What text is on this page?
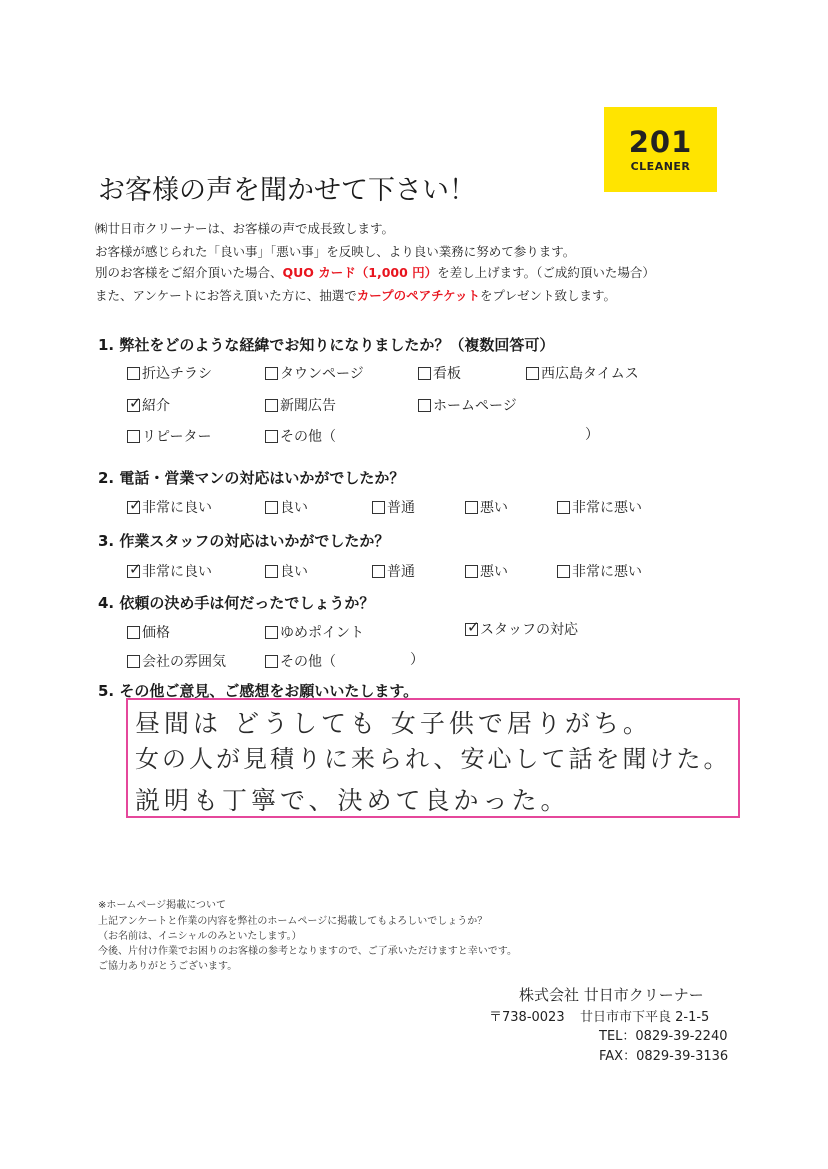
201
CLEANER
お客様の声を聞かせて下さい！
㈱廿日市クリーナーは、お客様の声で成長致します。
お客様が感じられた「良い事」「悪い事」を反映し、より良い業務に努めて参ります。
別のお客様をご紹介頂いた場合、QUO カード（1,000 円）を差し上げます。（ご成約頂いた場合）
また、アンケートにお答え頂いた方に、抽選でカープのペアチケットをプレゼント致します。
1. 弊社をどのような経緯でお知りになりましたか？（複数回答可）
折込チラシ	タウンページ	看板	西広島タイムス
✓ 紹介	新聞広告	ホームページ
リピーター	その他（	）
2. 電話・営業マンの対応はいかがでしたか？
✓ 非常に良い	良い	普通	悪い	非常に悪い
3. 作業スタッフの対応はいかがでしたか？
✓ 非常に良い	良い	普通	悪い	非常に悪い
4. 依頼の決め手は何だったでしょうか？
価格	ゆめポイント	✓ スタッフの対応
会社の雰囲気	その他（	）
5. その他ご意見、ご感想をお願いいたします。
昼間は どうしても 女子供で居りがち。
女の人が見積りに来られ、安心して話を聞けた。
説明も丁寧で、決めて良かった。
※ホームページ掲載について
上記アンケートと作業の内容を弊社のホームページに掲載してもよろしいでしょうか？
（お名前は、イニシャルのみといたします。）
今後、片付け作業でお困りのお客様の参考となりますので、ご了承いただけますと幸いです。
ご協力ありがとうございます。
株式会社 廿日市クリーナー
〒738-0023 廿日市市下平良 2-1-5
TEL：0829-39-2240
FAX：0829-39-3136
